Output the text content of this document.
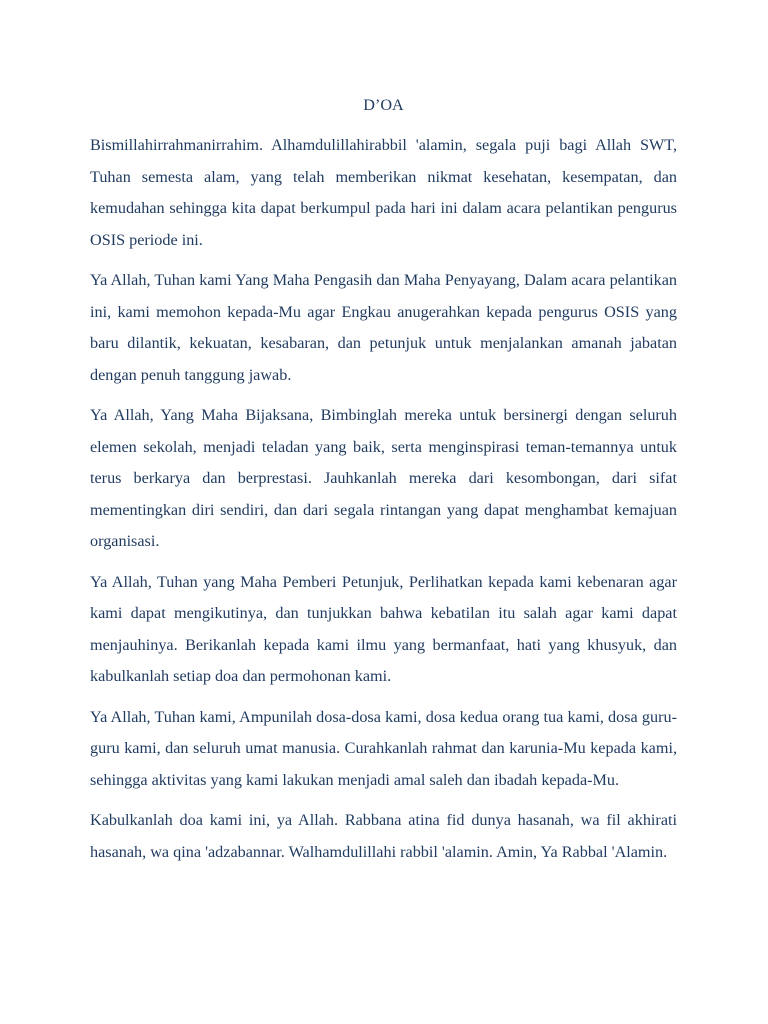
D’OA

Bismillahirrahmanirrahim. Alhamdulillahirabbil 'alamin, segala puji bagi Allah SWT, Tuhan semesta alam, yang telah memberikan nikmat kesehatan, kesempatan, dan kemudahan sehingga kita dapat berkumpul pada hari ini dalam acara pelantikan pengurus OSIS periode ini.

Ya Allah, Tuhan kami Yang Maha Pengasih dan Maha Penyayang, Dalam acara pelantikan ini, kami memohon kepada-Mu agar Engkau anugerahkan kepada pengurus OSIS yang baru dilantik, kekuatan, kesabaran, dan petunjuk untuk menjalankan amanah jabatan dengan penuh tanggung jawab.

Ya Allah, Yang Maha Bijaksana, Bimbinglah mereka untuk bersinergi dengan seluruh elemen sekolah, menjadi teladan yang baik, serta menginspirasi teman-temannya untuk terus berkarya dan berprestasi. Jauhkanlah mereka dari kesombongan, dari sifat mementingkan diri sendiri, dan dari segala rintangan yang dapat menghambat kemajuan organisasi.

Ya Allah, Tuhan yang Maha Pemberi Petunjuk, Perlihatkan kepada kami kebenaran agar kami dapat mengikutinya, dan tunjukkan bahwa kebatilan itu salah agar kami dapat menjauhinya. Berikanlah kepada kami ilmu yang bermanfaat, hati yang khusyuk, dan kabulkanlah setiap doa dan permohonan kami.

Ya Allah, Tuhan kami, Ampunilah dosa-dosa kami, dosa kedua orang tua kami, dosa guru-guru kami, dan seluruh umat manusia. Curahkanlah rahmat dan karunia-Mu kepada kami, sehingga aktivitas yang kami lakukan menjadi amal saleh dan ibadah kepada-Mu.

Kabulkanlah doa kami ini, ya Allah. Rabbana atina fid dunya hasanah, wa fil akhirati hasanah, wa qina 'adzabannar. Walhamdulillahi rabbil 'alamin. Amin, Ya Rabbal 'Alamin.
